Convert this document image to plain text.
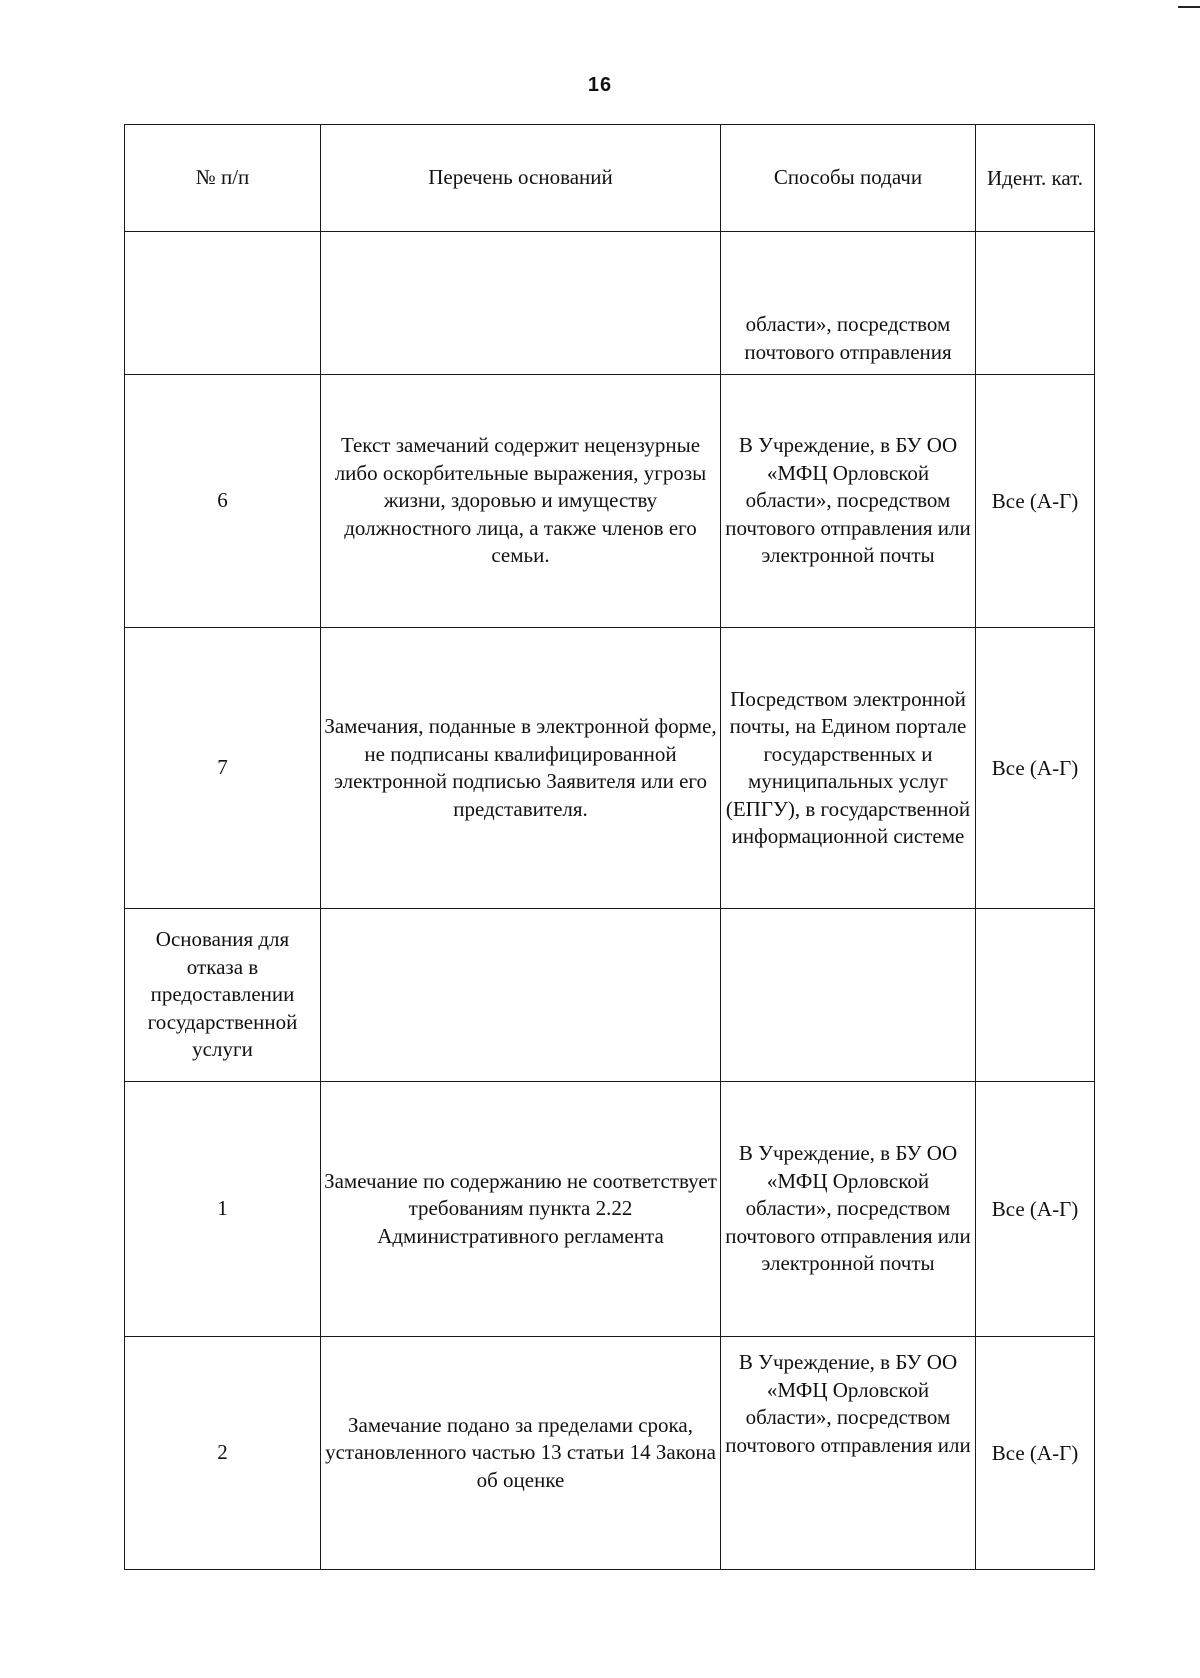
16
№ п/п	Перечень оснований	Способы подачи	Идент. кат.
		области», посредством почтового отправления	
6	Текст замечаний содержит нецензурные либо оскорбительные выражения, угрозы жизни, здоровью и имуществу должностного лица, а также членов его семьи.	В Учреждение, в БУ ОО «МФЦ Орловской области», посредством почтового отправления или электронной почты	Все (А-Г)
7	Замечания, поданные в электронной форме, не подписаны квалифицированной электронной подписью Заявителя или его представителя.	Посредством электронной почты, на Едином портале государственных и муниципальных услуг (ЕПГУ), в государственной информационной системе	Все (А-Г)
Основания для отказа в предоставлении государственной услуги			
1	Замечание по содержанию не соответствует требованиям пункта 2.22 Административного регламента	В Учреждение, в БУ ОО «МФЦ Орловской области», посредством почтового отправления или электронной почты	Все (А-Г)
2	Замечание подано за пределами срока, установленного частью 13 статьи 14 Закона об оценке	В Учреждение, в БУ ОО «МФЦ Орловской области», посредством почтового отправления или	Все (А-Г)
